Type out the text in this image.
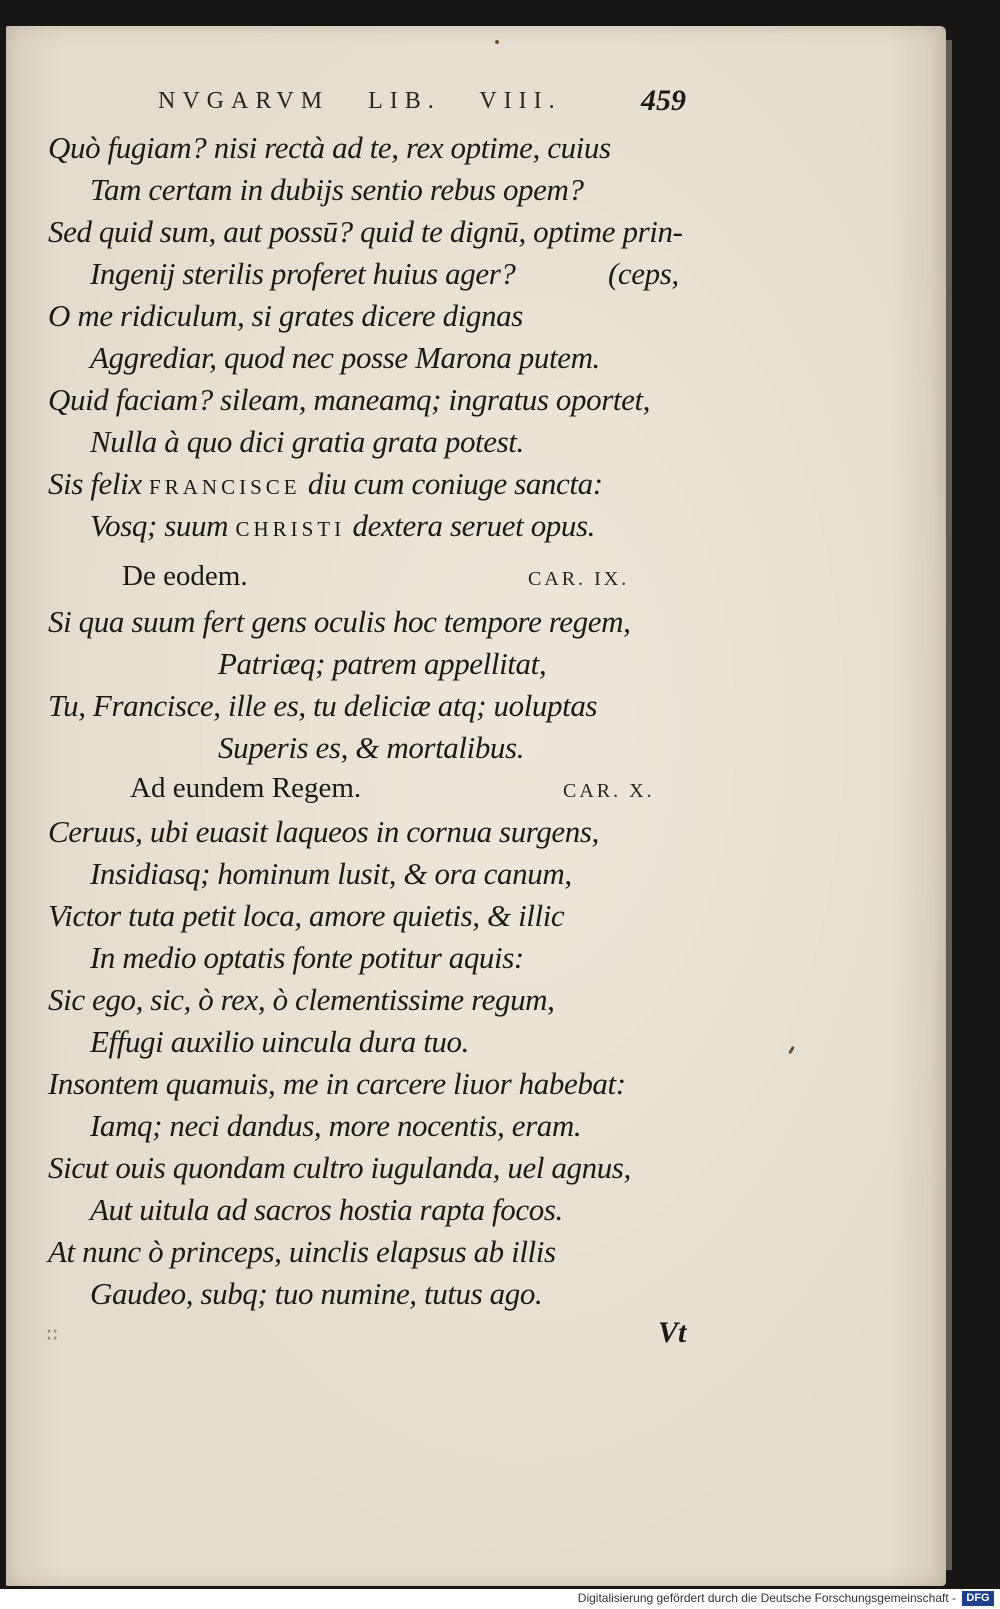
NVGARVM   LIB.   VIII.	459
Quò fugiam? nisi rectà ad te, rex optime, cuius
Tam certam in dubijs sentio rebus opem?
Sed quid sum, aut possū? quid te dignū, optime prin-
Ingenij sterilis proferet huius ager?	(ceps,
O me ridiculum, si grates dicere dignas
Aggrediar, quod nec posse Marona putem.
Quid faciam? sileam, maneamq; ingratus oportet,
Nulla à quo dici gratia grata potest.
Sis felix FRANCISCE diu cum coniuge sancta:
Vosq; suum CHRISTI dextera seruet opus.
De eodem.	CAR. IX.
Si qua suum fert gens oculis hoc tempore regem,
Patriæq; patrem appellitat,
Tu, Francisce, ille es, tu deliciæ atq; uoluptas
Superis es, & mortalibus.
Ad eundem Regem.	CAR. X.
Ceruus, ubi euasit laqueos in cornua surgens,
Insidiasq; hominum lusit, & ora canum,
Victor tuta petit loca, amore quietis, & illic
In medio optatis fonte potitur aquis:
Sic ego, sic, ò rex, ò clementissime regum,
Effugi auxilio uincula dura tuo.
Insontem quamuis, me in carcere liuor habebat:
Iamq; neci dandus, more nocentis, eram.
Sicut ouis quondam cultro iugulanda, uel agnus,
Aut uitula ad sacros hostia rapta focos.
At nunc ò princeps, uinclis elapsus ab illis
Gaudeo, subq; tuo numine, tutus ago.
∷	Vt
Digitalisierung gefördert durch die Deutsche Forschungsgemeinschaft - DFG
